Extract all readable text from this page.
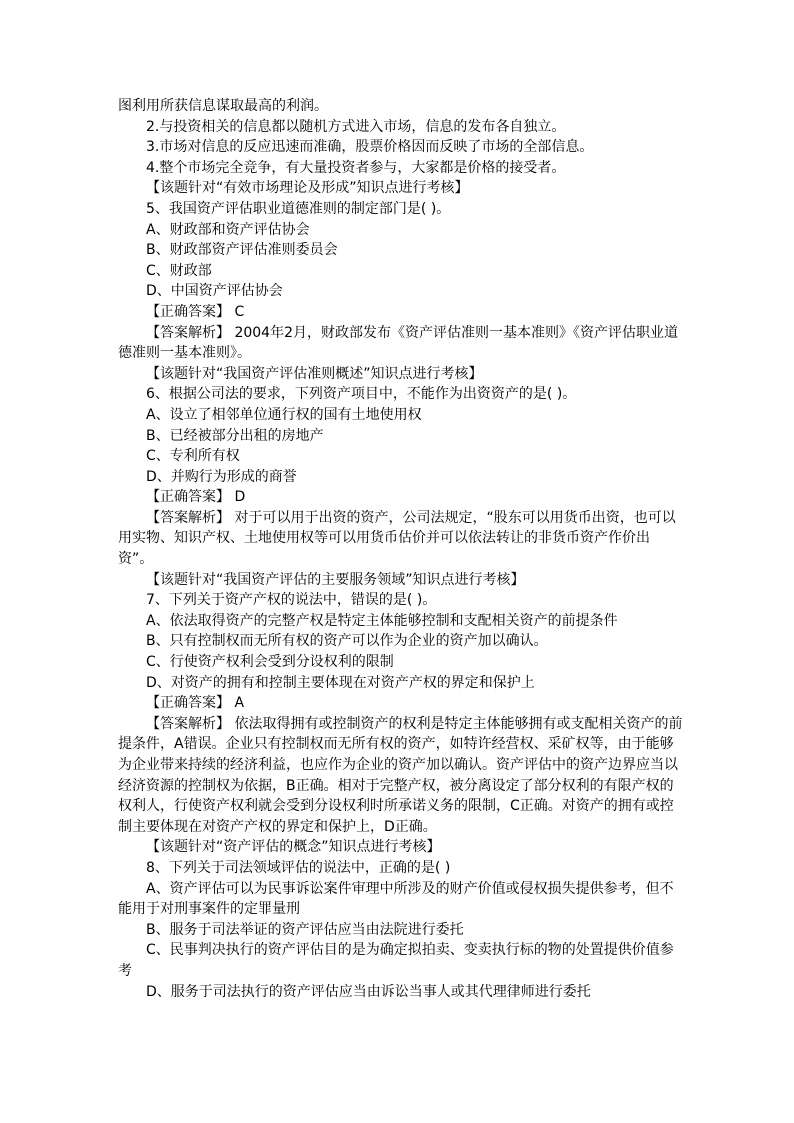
图利用所获信息谋取最高的利润。
2.与投资相关的信息都以随机方式进入市场，信息的发布各自独立。
3.市场对信息的反应迅速而准确，股票价格因而反映了市场的全部信息。
4.整个市场完全竞争，有大量投资者参与，大家都是价格的接受者。
【该题针对“有效市场理论及形成”知识点进行考核】
5、我国资产评估职业道德准则的制定部门是( )。
A、财政部和资产评估协会
B、财政部资产评估准则委员会
C、财政部
D、中国资产评估协会
【正确答案】 C
【答案解析】 2004年2月，财政部发布《资产评估准则一基本准则》《资产评估职业道德准则一基本准则》。
【该题针对“我国资产评估准则概述”知识点进行考核】
6、根据公司法的要求，下列资产项目中，不能作为出资资产的是( )。
A、设立了相邻单位通行权的国有土地使用权
B、已经被部分出租的房地产
C、专利所有权
D、并购行为形成的商誉
【正确答案】 D
【答案解析】 对于可以用于出资的资产，公司法规定，“股东可以用货币出资，也可以用实物、知识产权、土地使用权等可以用货币估价并可以依法转让的非货币资产作价出资”。
【该题针对“我国资产评估的主要服务领域”知识点进行考核】
7、下列关于资产产权的说法中，错误的是( )。
A、依法取得资产的完整产权是特定主体能够控制和支配相关资产的前提条件
B、只有控制权而无所有权的资产可以作为企业的资产加以确认。
C、行使资产权利会受到分设权利的限制
D、对资产的拥有和控制主要体现在对资产产权的界定和保护上
【正确答案】 A
【答案解析】 依法取得拥有或控制资产的权利是特定主体能够拥有或支配相关资产的前提条件，A错误。企业只有控制权而无所有权的资产，如特许经营权、采矿权等，由于能够为企业带来持续的经济利益，也应作为企业的资产加以确认。资产评估中的资产边界应当以经济资源的控制权为依据，B正确。相对于完整产权，被分离设定了部分权利的有限产权的权利人，行使资产权利就会受到分设权利时所承诺义务的限制，C正确。对资产的拥有或控制主要体现在对资产产权的界定和保护上，D正确。
【该题针对“资产评估的概念”知识点进行考核】
8、下列关于司法领域评估的说法中，正确的是( )
A、资产评估可以为民事诉讼案件审理中所涉及的财产价值或侵权损失提供参考，但不能用于对刑事案件的定罪量刑
B、服务于司法举证的资产评估应当由法院进行委托
C、民事判决执行的资产评估目的是为确定拟拍卖、变卖执行标的物的处置提供价值参考
D、服务于司法执行的资产评估应当由诉讼当事人或其代理律师进行委托
